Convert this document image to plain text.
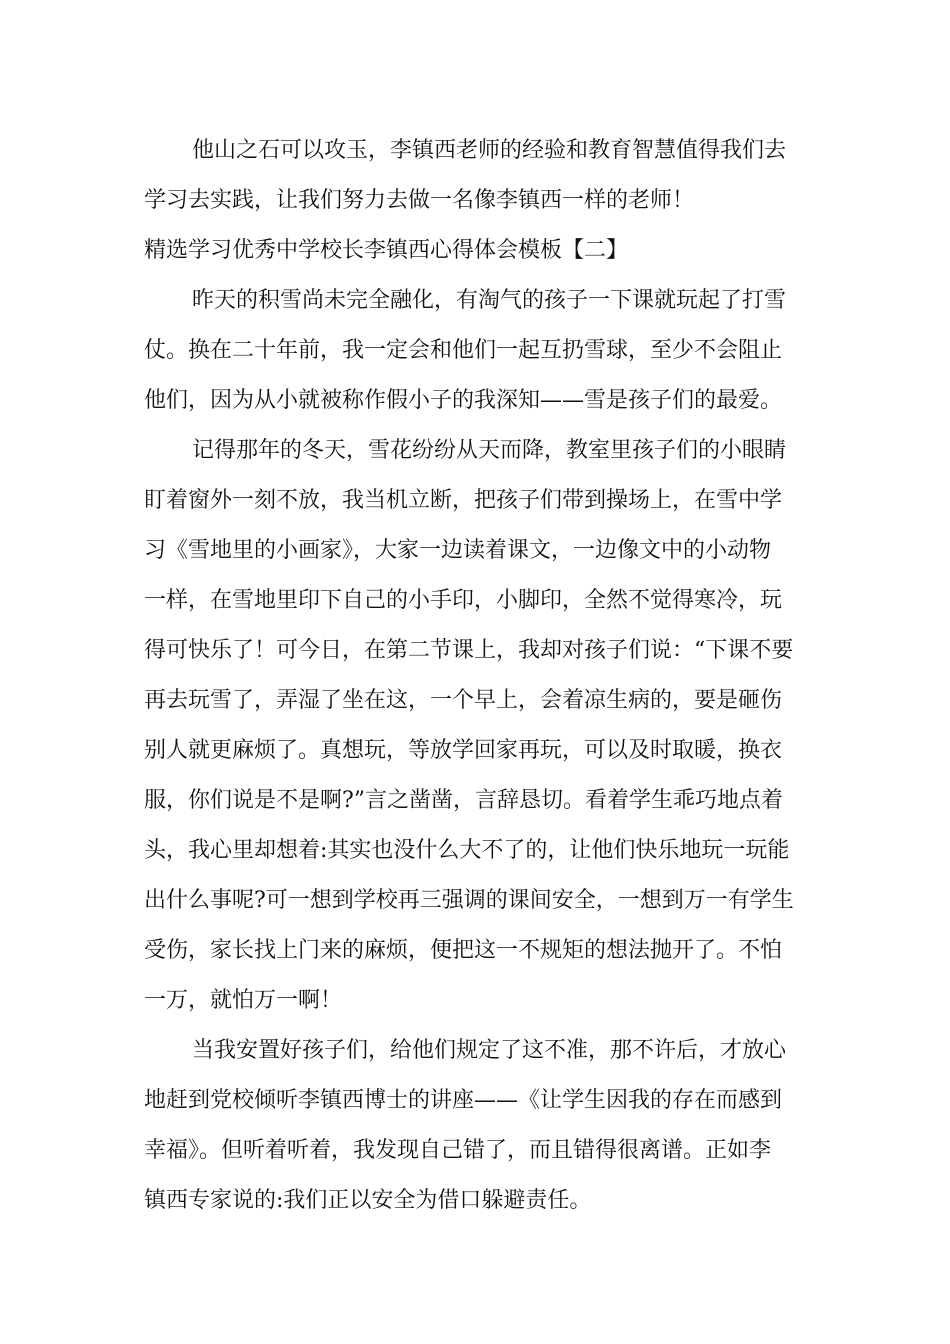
他山之石可以攻玉，李镇西老师的经验和教育智慧值得我们去
学习去实践，让我们努力去做一名像李镇西一样的老师！
精选学习优秀中学校长李镇西心得体会模板【二】
昨天的积雪尚未完全融化，有淘气的孩子一下课就玩起了打雪
仗。换在二十年前，我一定会和他们一起互扔雪球，至少不会阻止
他们，因为从小就被称作假小子的我深知——雪是孩子们的最爱。
记得那年的冬天，雪花纷纷从天而降，教室里孩子们的小眼睛
盯着窗外一刻不放，我当机立断，把孩子们带到操场上，在雪中学
习《雪地里的小画家》，大家一边读着课文，一边像文中的小动物
一样，在雪地里印下自己的小手印，小脚印，全然不觉得寒冷，玩
得可快乐了！可今日，在第二节课上，我却对孩子们说：“下课不要
再去玩雪了，弄湿了坐在这，一个早上，会着凉生病的，要是砸伤
别人就更麻烦了。真想玩，等放学回家再玩，可以及时取暖，换衣
服，你们说是不是啊?”言之凿凿，言辞恳切。看着学生乖巧地点着
头，我心里却想着:其实也没什么大不了的，让他们快乐地玩一玩能
出什么事呢?可一想到学校再三强调的课间安全，一想到万一有学生
受伤，家长找上门来的麻烦，便把这一不规矩的想法抛开了。不怕
一万，就怕万一啊！
当我安置好孩子们，给他们规定了这不准，那不许后，才放心
地赶到党校倾听李镇西博士的讲座——《让学生因我的存在而感到
幸福》。但听着听着，我发现自己错了，而且错得很离谱。正如李
镇西专家说的:我们正以安全为借口躲避责任。
